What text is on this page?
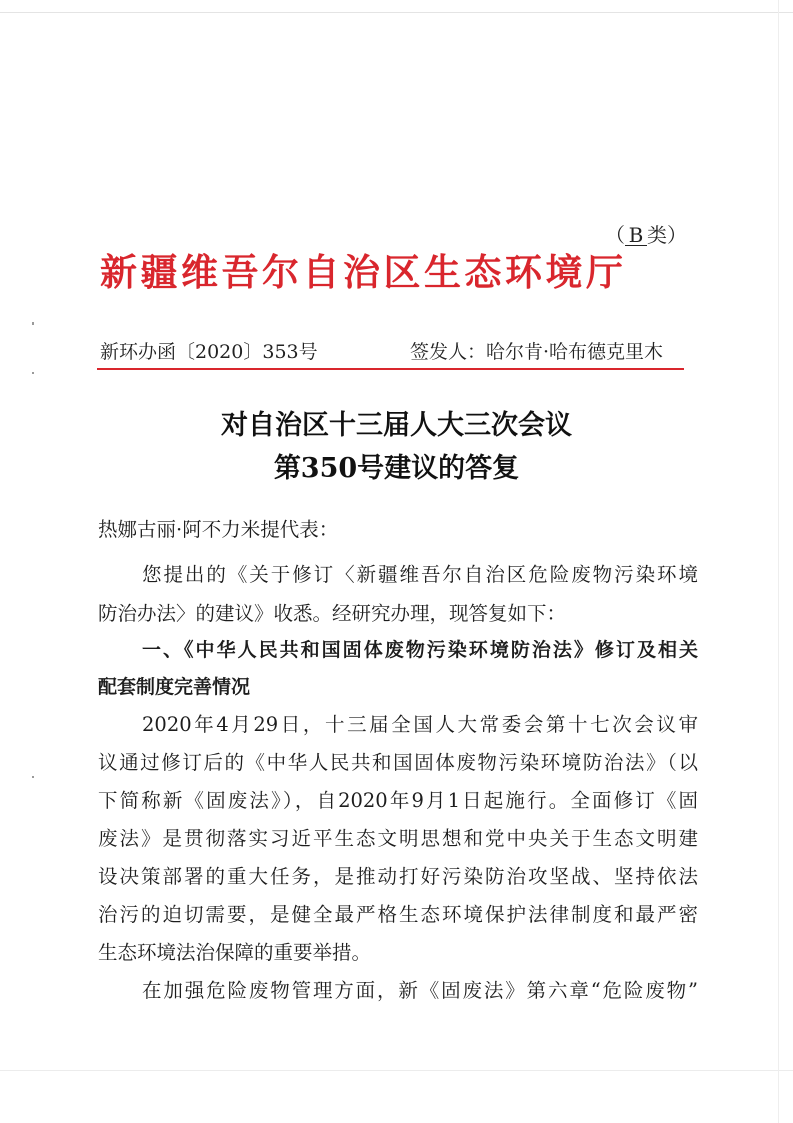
（ B 类）
新疆维吾尔自治区生态环境厅
新环办函〔2020〕353号	签发人：哈尔肯·哈布德克里木
对自治区十三届人大三次会议
第350号建议的答复
热娜古丽·阿不力米提代表：
您提出的《关于修订〈新疆维吾尔自治区危险废物污染环境
防治办法〉的建议》收悉。经研究办理，现答复如下：
一、《中华人民共和国固体废物污染环境防治法》修订及相关
配套制度完善情况
2020年4月29日，十三届全国人大常委会第十七次会议审
议通过修订后的《中华人民共和国固体废物污染环境防治法》（以
下简称新《固废法》），自2020年9月1日起施行。全面修订《固
废法》是贯彻落实习近平生态文明思想和党中央关于生态文明建
设决策部署的重大任务，是推动打好污染防治攻坚战、坚持依法
治污的迫切需要，是健全最严格生态环境保护法律制度和最严密
生态环境法治保障的重要举措。
在加强危险废物管理方面，新《固废法》第六章“危险废物”
